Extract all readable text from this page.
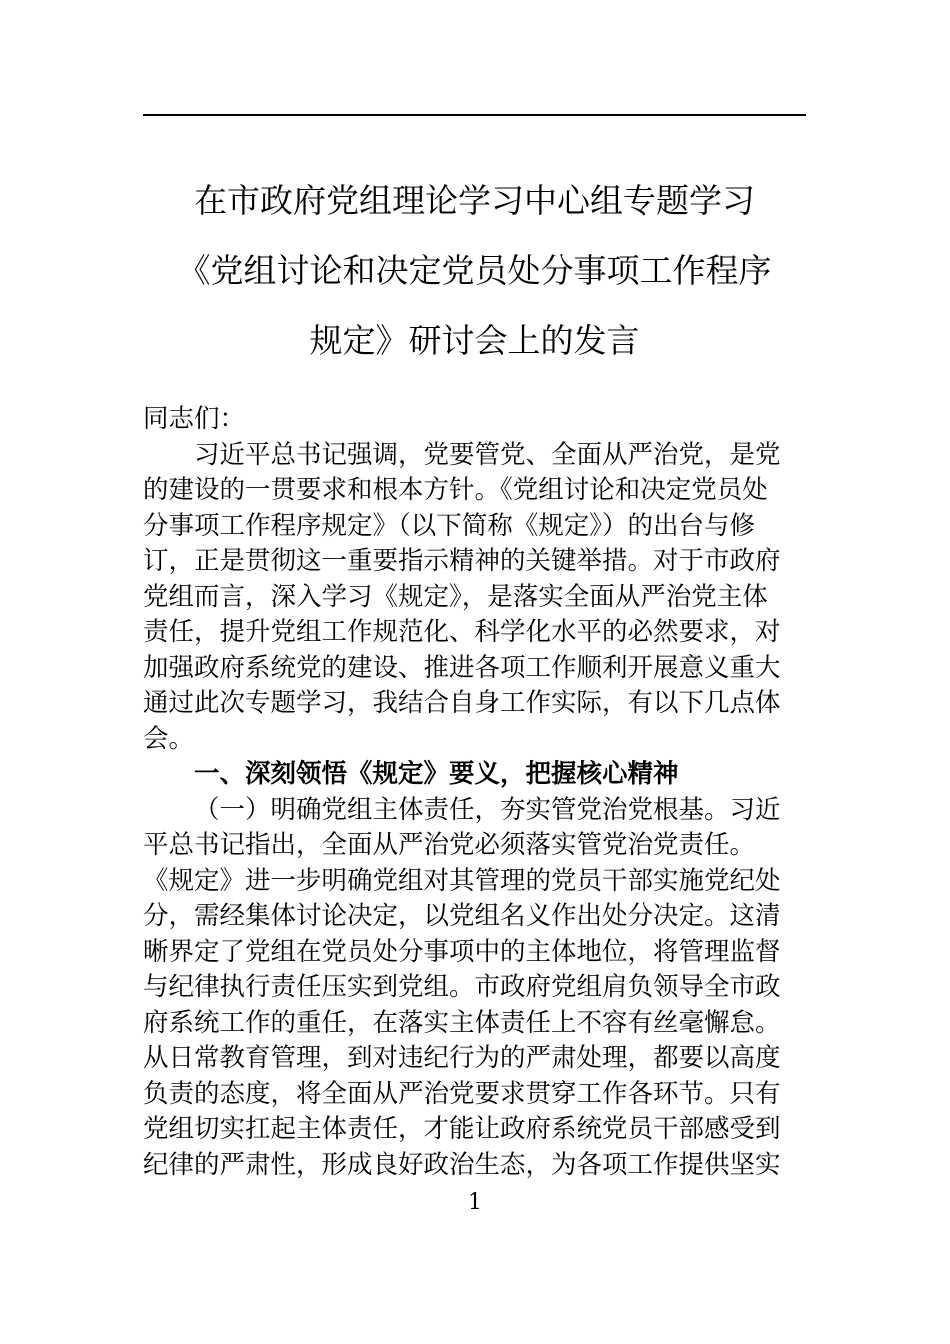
在市政府党组理论学习中心组专题学习
《党组讨论和决定党员处分事项工作程序
规定》研讨会上的发言
同志们：
习近平总书记强调，党要管党、全面从严治党，是党
的建设的一贯要求和根本方针。《党组讨论和决定党员处
分事项工作程序规定》（以下简称《规定》）的出台与修
订，正是贯彻这一重要指示精神的关键举措。对于市政府
党组而言，深入学习《规定》，是落实全面从严治党主体
责任，提升党组工作规范化、科学化水平的必然要求，对
加强政府系统党的建设、推进各项工作顺利开展意义重大
通过此次专题学习，我结合自身工作实际，有以下几点体
会。
一、深刻领悟《规定》要义，把握核心精神
（一）明确党组主体责任，夯实管党治党根基。习近
平总书记指出，全面从严治党必须落实管党治党责任。
《规定》进一步明确党组对其管理的党员干部实施党纪处
分，需经集体讨论决定，以党组名义作出处分决定。这清
晰界定了党组在党员处分事项中的主体地位，将管理监督
与纪律执行责任压实到党组。市政府党组肩负领导全市政
府系统工作的重任，在落实主体责任上不容有丝毫懈怠。
从日常教育管理，到对违纪行为的严肃处理，都要以高度
负责的态度，将全面从严治党要求贯穿工作各环节。只有
党组切实扛起主体责任，才能让政府系统党员干部感受到
纪律的严肃性，形成良好政治生态，为各项工作提供坚实
1
